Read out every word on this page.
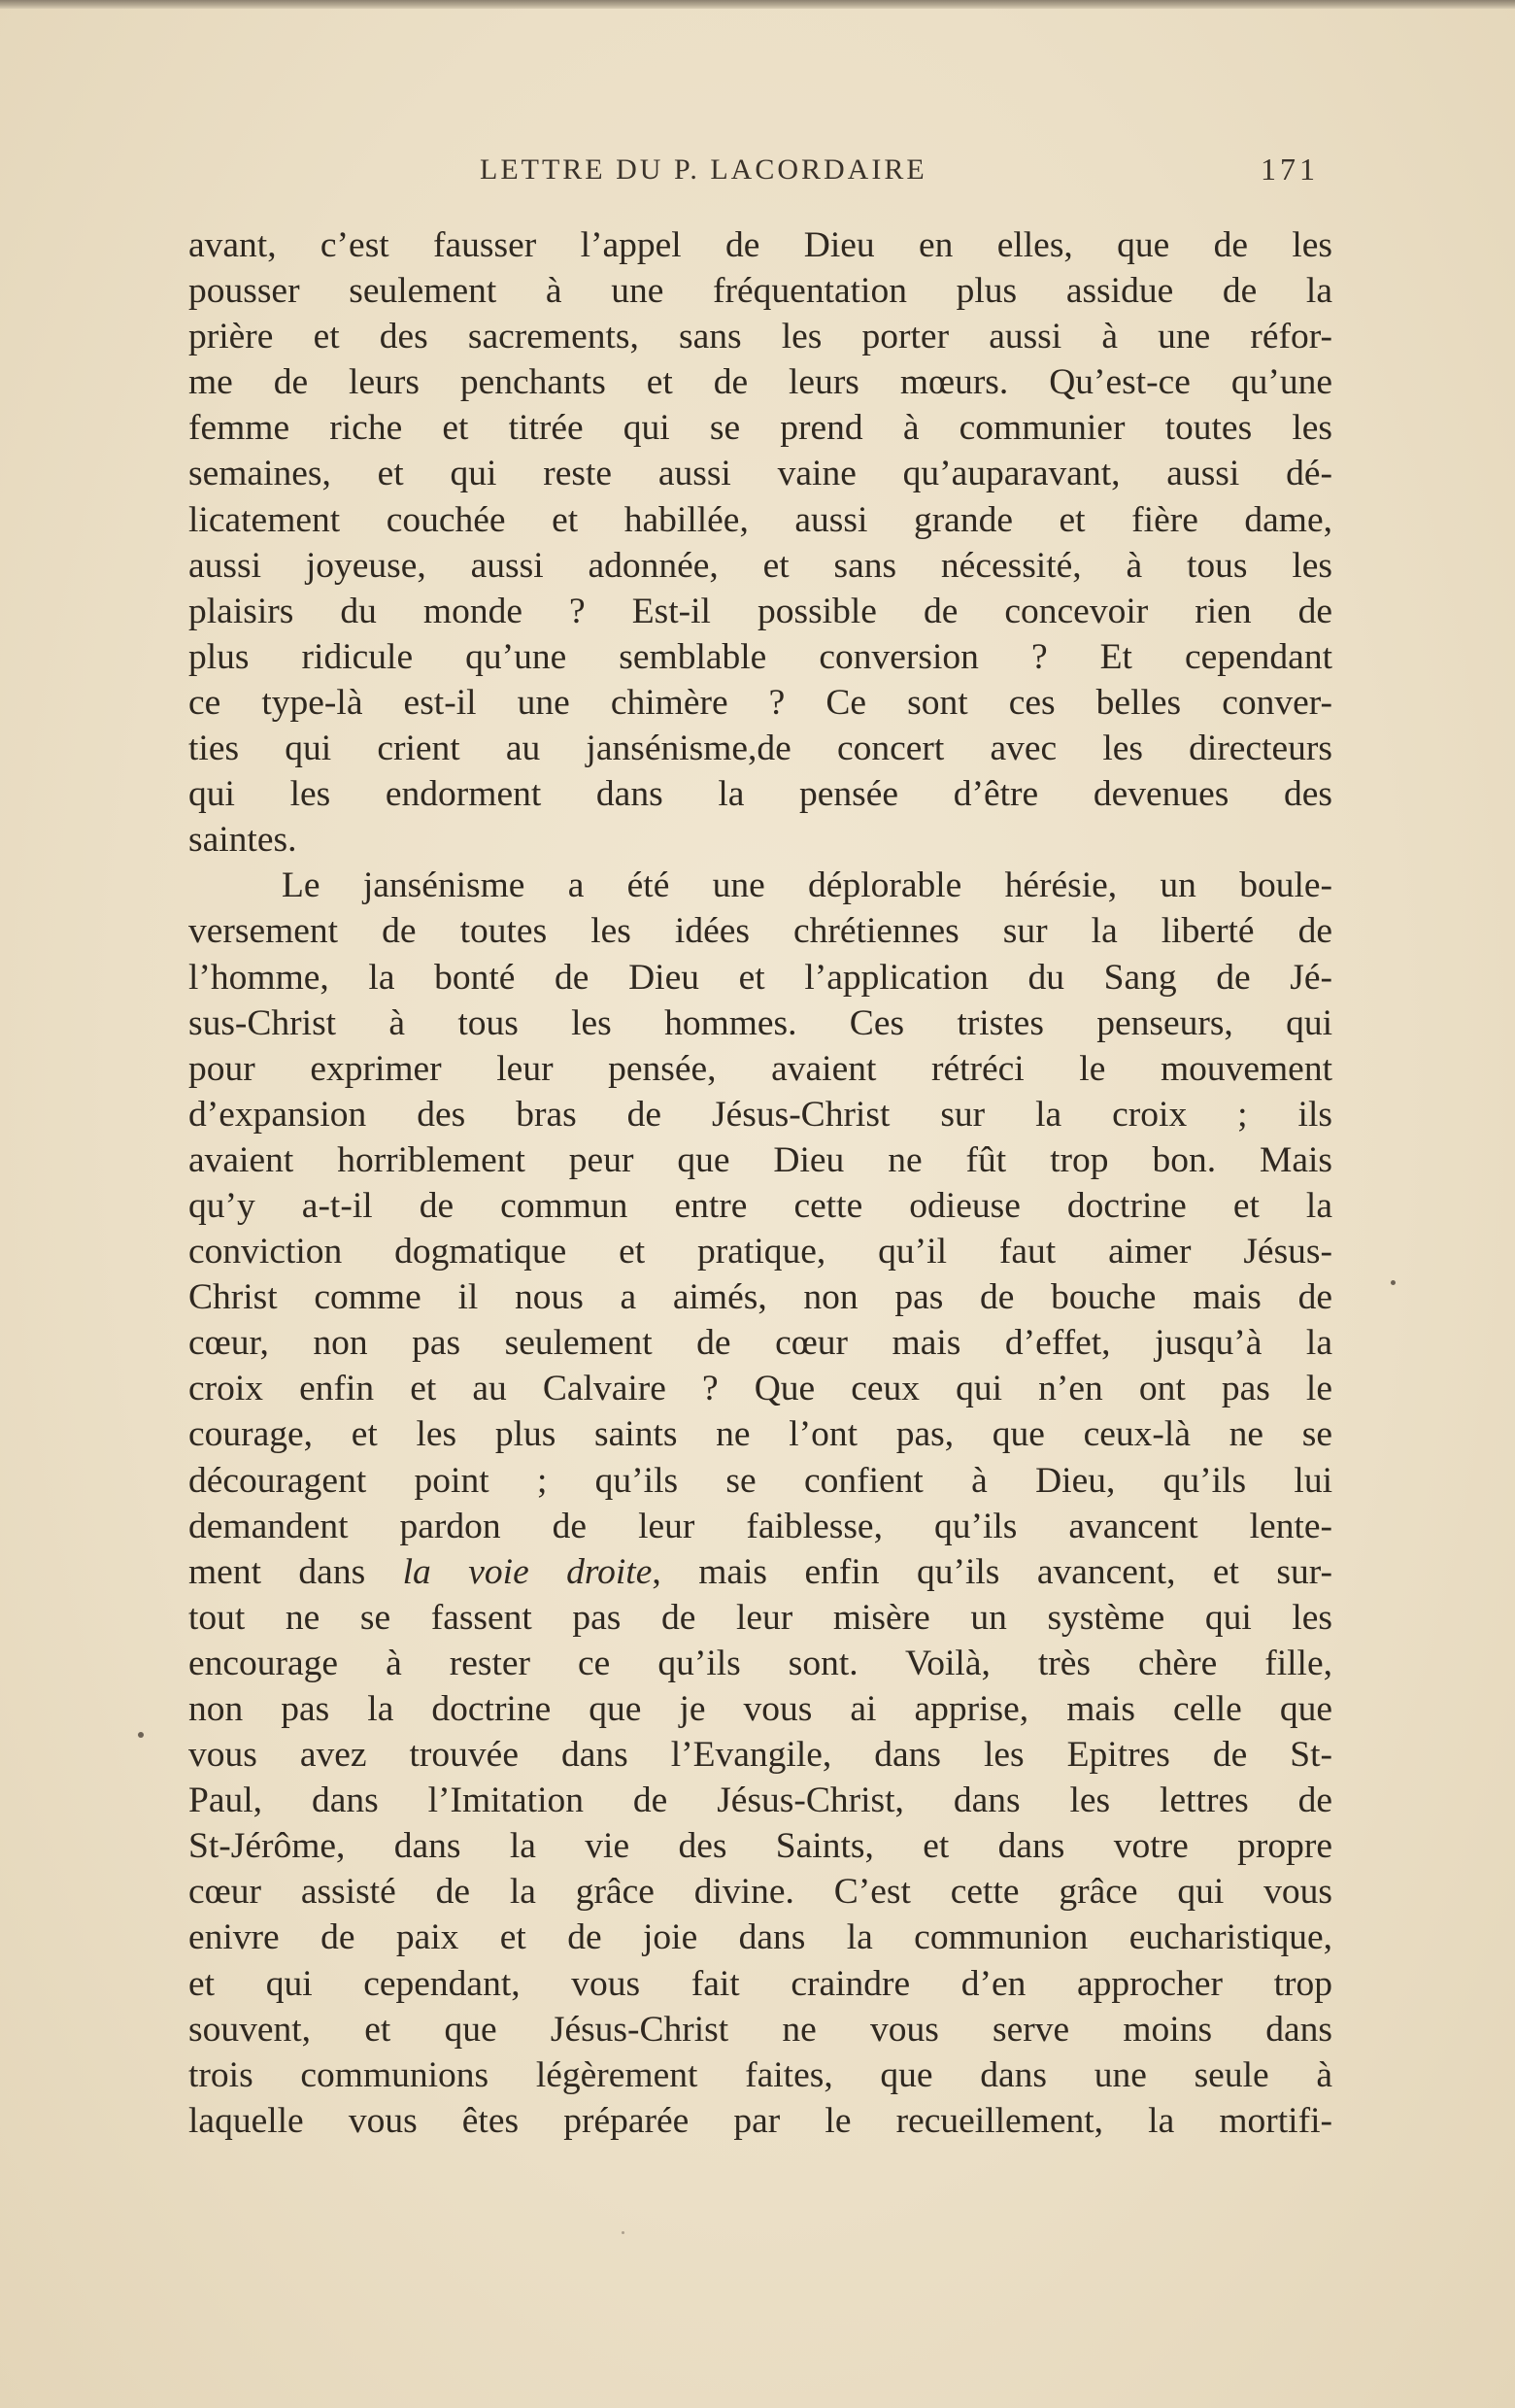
LETTRE DU P. LACORDAIRE	171
avant, c’est fausser l’appel de Dieu en elles, que de les
pousser seulement à une fréquentation plus assidue de la
prière et des sacrements, sans les porter aussi à une réfor-
me de leurs penchants et de leurs mœurs. Qu’est-ce qu’une
femme riche et titrée qui se prend à communier toutes les
semaines, et qui reste aussi vaine qu’auparavant, aussi dé-
licatement couchée et habillée, aussi grande et fière dame,
aussi joyeuse, aussi adonnée, et sans nécessité, à tous les
plaisirs du monde ? Est-il possible de concevoir rien de
plus ridicule qu’une semblable conversion ? Et cependant
ce type-là est-il une chimère ? Ce sont ces belles conver-
ties qui crient au jansénisme,de concert avec les directeurs
qui les endorment dans la pensée d’être devenues des
saintes.
Le jansénisme a été une déplorable hérésie, un boule-
versement de toutes les idées chrétiennes sur la liberté de
l’homme, la bonté de Dieu et l’application du Sang de Jé-
sus-Christ à tous les hommes. Ces tristes penseurs, qui
pour exprimer leur pensée, avaient rétréci le mouvement
d’expansion des bras de Jésus-Christ sur la croix ; ils
avaient horriblement peur que Dieu ne fût trop bon. Mais
qu’y a-t-il de commun entre cette odieuse doctrine et la
conviction dogmatique et pratique, qu’il faut aimer Jésus-
Christ comme il nous a aimés, non pas de bouche mais de
cœur, non pas seulement de cœur mais d’effet, jusqu’à la
croix enfin et au Calvaire ? Que ceux qui n’en ont pas le
courage, et les plus saints ne l’ont pas, que ceux-là ne se
découragent point ; qu’ils se confient à Dieu, qu’ils lui
demandent pardon de leur faiblesse, qu’ils avancent lente-
ment dans la voie droite, mais enfin qu’ils avancent, et sur-
tout ne se fassent pas de leur misère un système qui les
encourage à rester ce qu’ils sont. Voilà, très chère fille,
non pas la doctrine que je vous ai apprise, mais celle que
vous avez trouvée dans l’Evangile, dans les Epitres de St-
Paul, dans l’Imitation de Jésus-Christ, dans les lettres de
St-Jérôme, dans la vie des Saints, et dans votre propre
cœur assisté de la grâce divine. C’est cette grâce qui vous
enivre de paix et de joie dans la communion eucharistique,
et qui cependant, vous fait craindre d’en approcher trop
souvent, et que Jésus-Christ ne vous serve moins dans
trois communions légèrement faites, que dans une seule à
laquelle vous êtes préparée par le recueillement, la mortifi-
